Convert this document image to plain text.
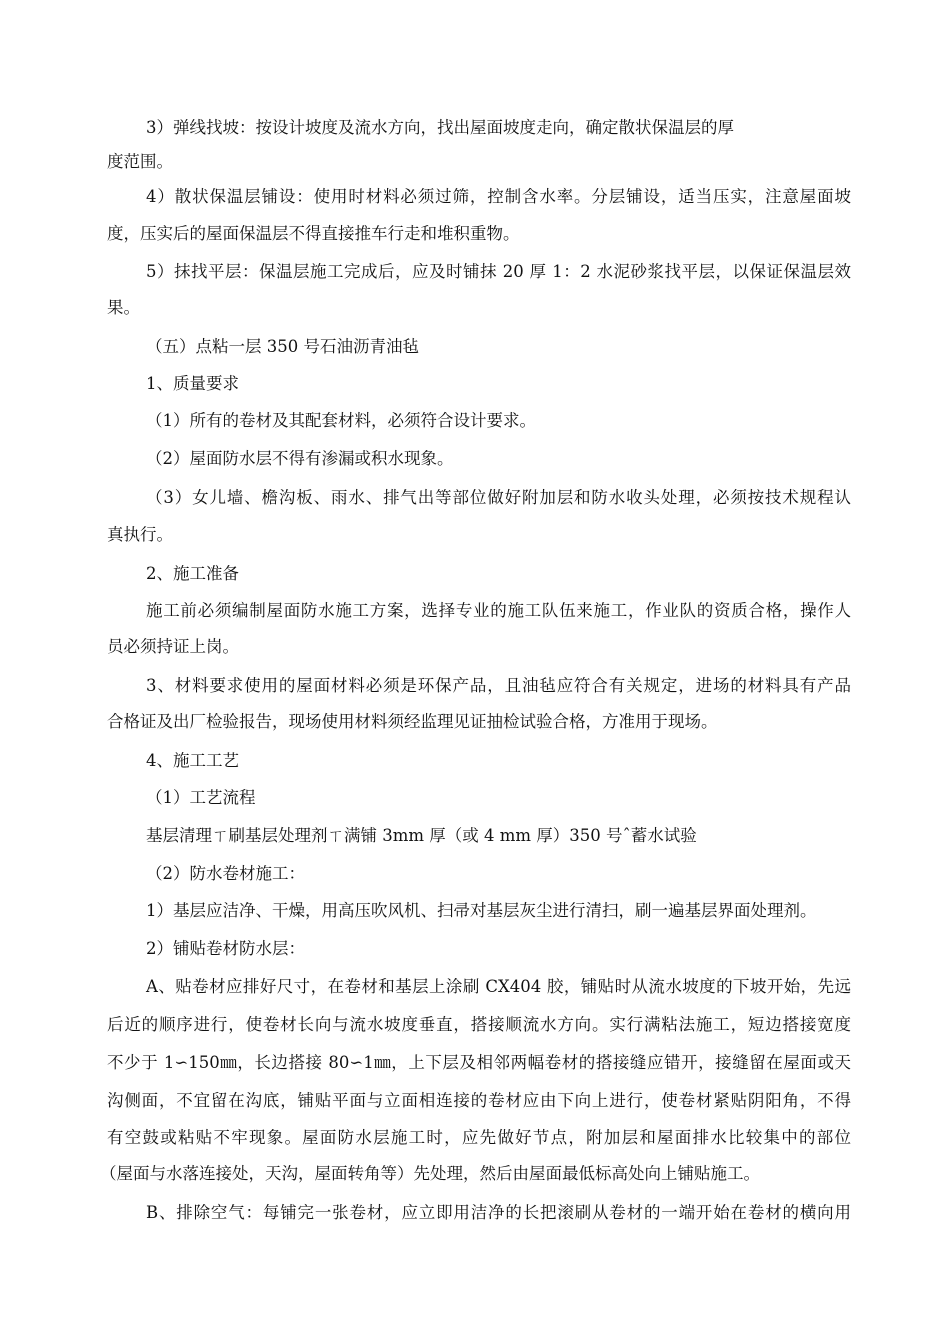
3）弹线找坡：按设计坡度及流水方向，找出屋面坡度走向，确定散状保温层的厚
度范围。
4）散状保温层铺设：使用时材料必须过筛，控制含水率。分层铺设，适当压实，注意屋面坡
度，压实后的屋面保温层不得直接推车行走和堆积重物。
5）抹找平层：保温层施工完成后，应及时铺抹 20 厚 1：2 水泥砂浆找平层，以保证保温层效
果。
（五）点粘一层 350 号石油沥青油毡
1、质量要求
（1）所有的卷材及其配套材料，必须符合设计要求。
（2）屋面防水层不得有渗漏或积水现象。
（3）女儿墙、檐沟板、雨水、排气出等部位做好附加层和防水收头处理，必须按技术规程认
真执行。
2、施工准备
施工前必须编制屋面防水施工方案，选择专业的施工队伍来施工，作业队的资质合格，操作人
员必须持证上岗。
3、材料要求使用的屋面材料必须是环保产品，且油毡应符合有关规定，进场的材料具有产品
合格证及出厂检验报告，现场使用材料须经监理见证抽检试验合格，方准用于现场。
4、施工工艺
（1）工艺流程
基层清理ㄒ刷基层处理剂ㄒ满铺 3mm 厚（或 4 mm 厚）350 号ˆ蓄水试验
（2）防水卷材施工：
1）基层应洁净、干燥，用高压吹风机、扫帚对基层灰尘进行清扫，刷一遍基层界面处理剂。
2）铺贴卷材防水层：
A、贴卷材应排好尺寸，在卷材和基层上涂刷 CX404 胶，铺贴时从流水坡度的下坡开始，先远
后近的顺序进行，使卷材长向与流水坡度垂直，搭接顺流水方向。实行满粘法施工，短边搭接宽度
不少于 1∽150㎜，长边搭接 80∽1㎜，上下层及相邻两幅卷材的搭接缝应错开，接缝留在屋面或天
沟侧面，不宜留在沟底，铺贴平面与立面相连接的卷材应由下向上进行，使卷材紧贴阴阳角，不得
有空鼓或粘贴不牢现象。屋面防水层施工时，应先做好节点，附加层和屋面排水比较集中的部位
（屋面与水落连接处，天沟，屋面转角等）先处理，然后由屋面最低标高处向上铺贴施工。
B、排除空气：每铺完一张卷材，应立即用洁净的长把滚刷从卷材的一端开始在卷材的横向用
